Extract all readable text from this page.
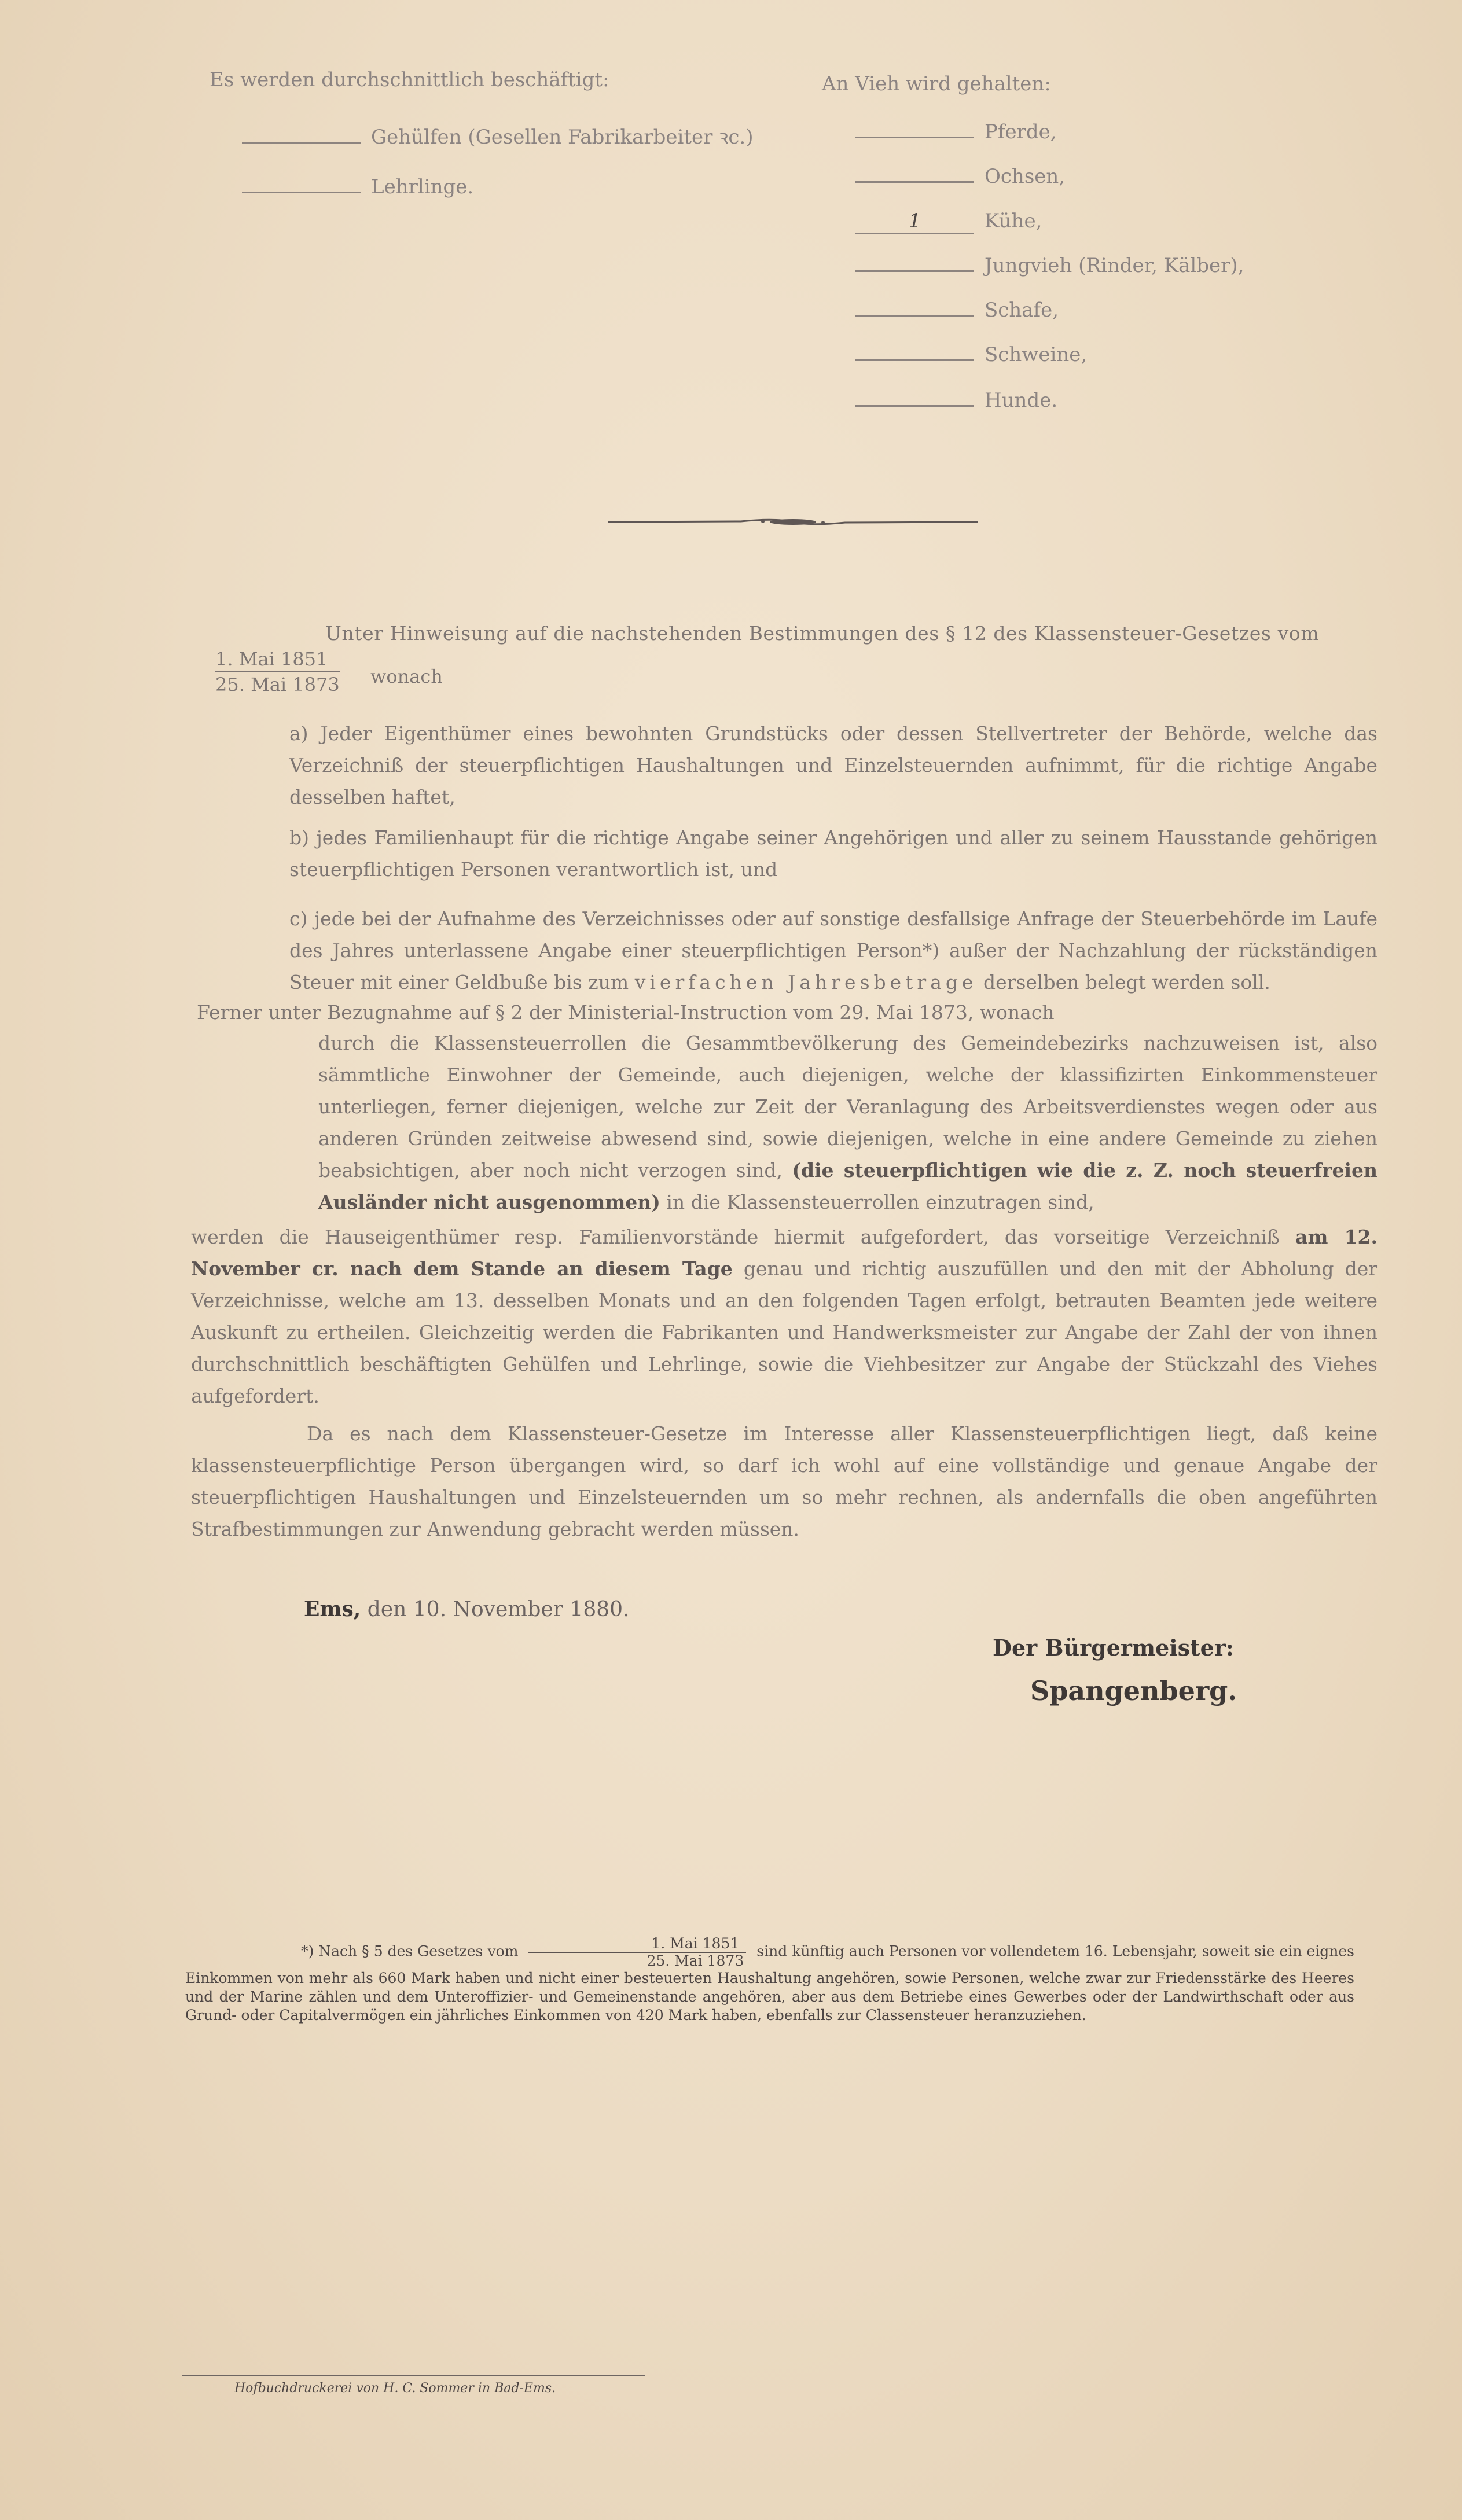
Es werden durchschnittlich beschäftigt:
Gehülfen (Gesellen Fabrikarbeiter ꝛc.)
Lehrlinge.
An Vieh wird gehalten:
Pferde,
Ochsen,
1	Kühe,
Jungvieh (Rinder, Kälber),
Schafe,
Schweine,
Hunde.
Unter Hinweisung auf die nachstehenden Bestimmungen des § 12 des Klassensteuer-Gesetzes vom
1. Mai 1851
25. Mai 1873 wonach

a) Jeder Eigenthümer eines bewohnten Grundstücks oder dessen Stellvertreter der Behörde, welche das Verzeichniß der steuerpflichtigen Haushaltungen und Einzelsteuernden aufnimmt, für die richtige Angabe desselben haftet,

b) jedes Familienhaupt für die richtige Angabe seiner Angehörigen und aller zu seinem Hausstande gehörigen steuerpflichtigen Personen verantwortlich ist, und

c) jede bei der Aufnahme des Verzeichnisses oder auf sonstige desfallsige Anfrage der Steuerbehörde im Laufe des Jahres unterlassene Angabe einer steuerpflichtigen Person*) außer der Nachzahlung der rückständigen Steuer mit einer Geldbuße bis zum vierfachen Jahresbetrage derselben belegt werden soll.

Ferner unter Bezugnahme auf § 2 der Ministerial-Instruction vom 29. Mai 1873, wonach

durch die Klassensteuerrollen die Gesammtbevölkerung des Gemeindebezirks nachzuweisen ist, also sämmtliche Einwohner der Gemeinde, auch diejenigen, welche der klassifizirten Einkommensteuer unterliegen, ferner diejenigen, welche zur Zeit der Veranlagung des Arbeitsverdienstes wegen oder aus anderen Gründen zeitweise abwesend sind, sowie diejenigen, welche in eine andere Gemeinde zu ziehen beabsichtigen, aber noch nicht verzogen sind, (die steuerpflichtigen wie die z. Z. noch steuerfreien Ausländer nicht ausgenommen) in die Klassensteuerrollen einzutragen sind,

werden die Hauseigenthümer resp. Familienvorstände hiermit aufgefordert, das vorseitige Verzeichniß am 12. November cr. nach dem Stande an diesem Tage genau und richtig auszufüllen und den mit der Abholung der Verzeichnisse, welche am 13. desselben Monats und an den folgenden Tagen erfolgt, betrauten Beamten jede weitere Auskunft zu ertheilen. Gleichzeitig werden die Fabrikanten und Handwerksmeister zur Angabe der Zahl der von ihnen durchschnittlich beschäftigten Gehülfen und Lehrlinge, sowie die Viehbesitzer zur Angabe der Stückzahl des Viehes aufgefordert.

Da es nach dem Klassensteuer-Gesetze im Interesse aller Klassensteuerpflichtigen liegt, daß keine klassensteuerpflichtige Person übergangen wird, so darf ich wohl auf eine vollständige und genaue Angabe der steuerpflichtigen Haushaltungen und Einzelsteuernden um so mehr rechnen, als andernfalls die oben angeführten Strafbestimmungen zur Anwendung gebracht werden müssen.

Ems, den 10. November 1880.
Der Bürgermeister:
Spangenberg.

*) Nach § 5 des Gesetzes vom $\frac{\text{1. Mai 1851}}{\text{25. Mai 1873}}$ sind künftig auch Personen vor vollendetem 16. Lebensjahr, soweit sie ein eignes Einkommen von mehr als 660 Mark haben und nicht einer besteuerten Haushaltung angehören, sowie Personen, welche zwar zur Friedensstärke des Heeres und der Marine zählen und dem Unteroffizier- und Gemeinenstande angehören, aber aus dem Betriebe eines Gewerbes oder der Landwirthschaft oder aus Grund- oder Capitalvermögen ein jährliches Einkommen von 420 Mark haben, ebenfalls zur Classensteuer heranzuziehen.

Hofbuchdruckerei von H. C. Sommer in Bad-Ems.
